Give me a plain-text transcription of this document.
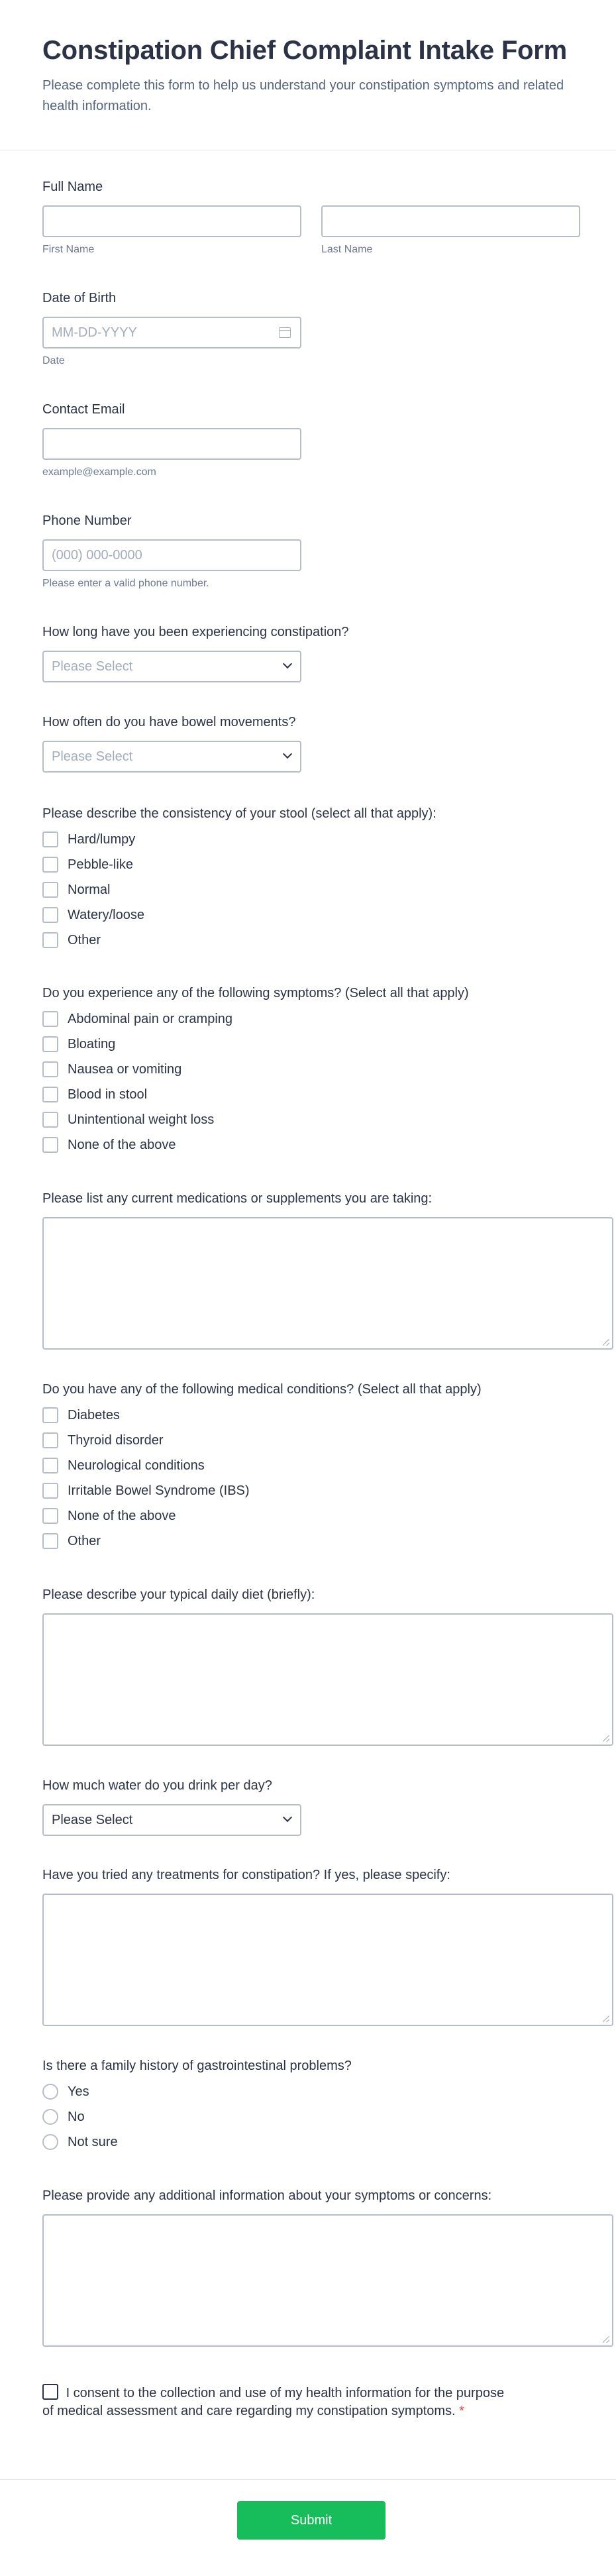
Constipation Chief Complaint Intake Form

Please complete this form to help us understand your constipation symptoms and related health information.

Full Name
First Name	Last Name
Date of Birth
MM-DD-YYYY
Date
Contact Email
example@example.com
Phone Number
(000) 000-0000
Please enter a valid phone number.
How long have you been experiencing constipation?
Please Select
How often do you have bowel movements?
Please Select
Please describe the consistency of your stool (select all that apply):
Hard/lumpy
Pebble-like
Normal
Watery/loose
Other
Do you experience any of the following symptoms? (Select all that apply)
Abdominal pain or cramping
Bloating
Nausea or vomiting
Blood in stool
Unintentional weight loss
None of the above
Please list any current medications or supplements you are taking:
Do you have any of the following medical conditions? (Select all that apply)
Diabetes
Thyroid disorder
Neurological conditions
Irritable Bowel Syndrome (IBS)
None of the above
Other
Please describe your typical daily diet (briefly):
How much water do you drink per day?
Please Select
Have you tried any treatments for constipation? If yes, please specify:
Is there a family history of gastrointestinal problems?
Yes
No
Not sure
Please provide any additional information about your symptoms or concerns:
I consent to the collection and use of my health information for the purpose of medical assessment and care regarding my constipation symptoms. *
Submit
